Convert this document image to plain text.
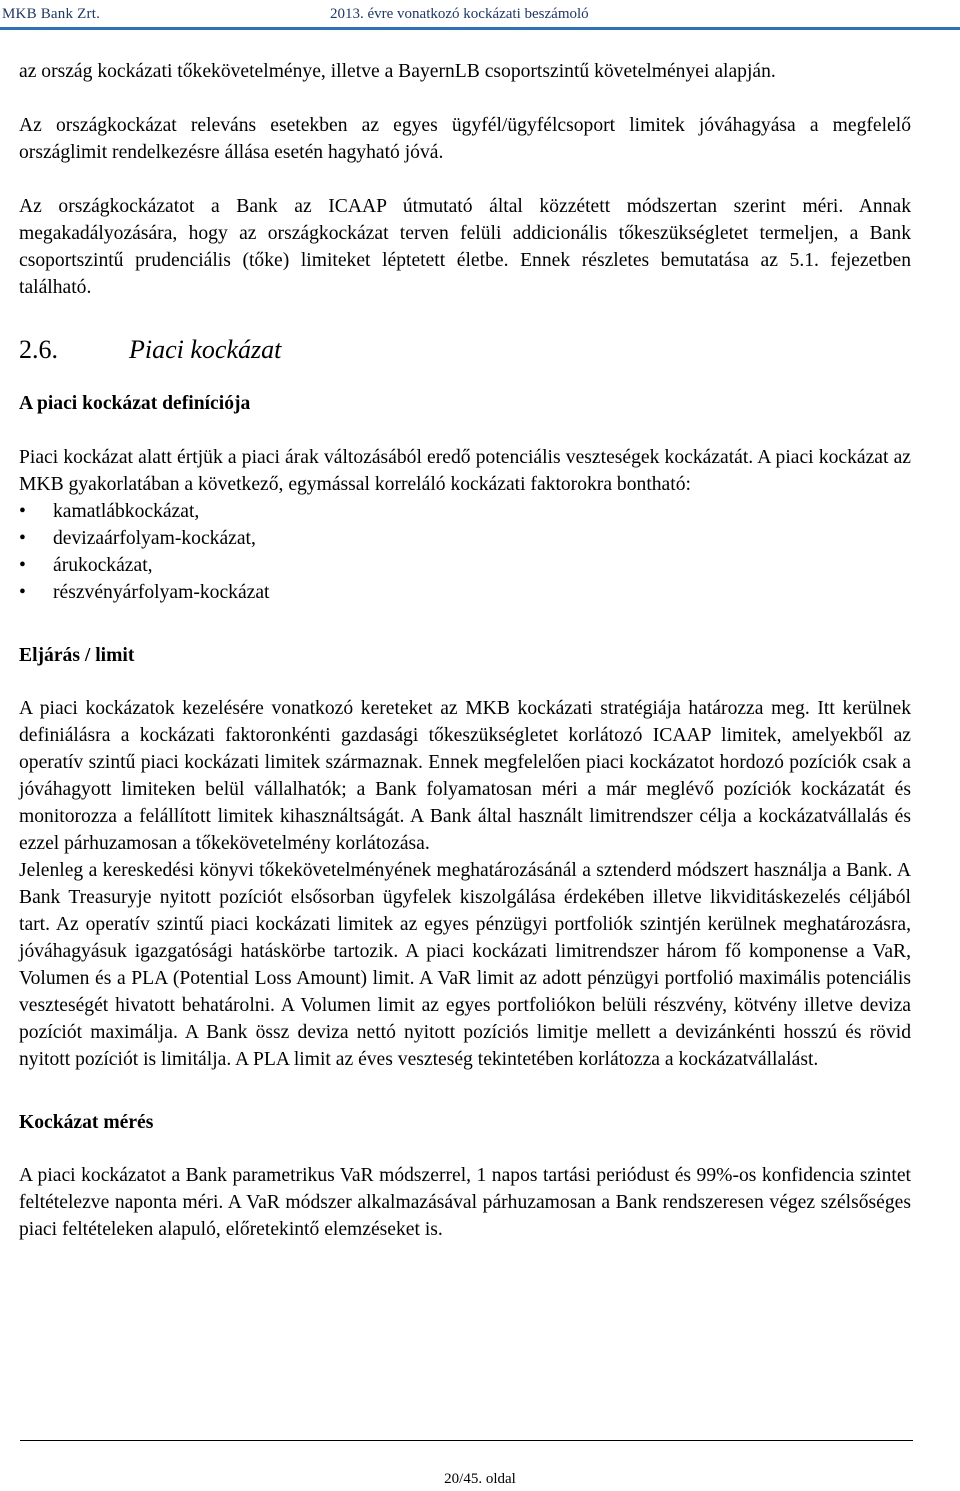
MKB Bank Zrt.	2013. évre vonatkozó kockázati beszámoló

az ország kockázati tőkekövetelménye, illetve a BayernLB csoportszintű követelményei alapján.

Az országkockázat releváns esetekben az egyes ügyfél/ügyfélcsoport limitek jóváhagyása a megfelelő országlimit rendelkezésre állása esetén hagyható jóvá.

Az országkockázatot a Bank az ICAAP útmutató által közzétett módszertan szerint méri. Annak megakadályozására, hogy az országkockázat terven felüli addicionális tőkeszükségletet termeljen, a Bank csoportszintű prudenciális (tőke) limiteket léptetett életbe. Ennek részletes bemutatása az 5.1. fejezetben található.

2.6.	Piaci kockázat
A piaci kockázat definíciója

Piaci kockázat alatt értjük a piaci árak változásából eredő potenciális veszteségek kockázatát. A piaci kockázat az MKB gyakorlatában a következő, egymással korreláló kockázati faktorokra bontható:

• kamatlábkockázat,
• devizaárfolyam-kockázat,
• árukockázat,
• részvényárfolyam-kockázat
Eljárás / limit

A piaci kockázatok kezelésére vonatkozó kereteket az MKB kockázati stratégiája határozza meg. Itt kerülnek definiálásra a kockázati faktoronkénti gazdasági tőkeszükségletet korlátozó ICAAP limitek, amelyekből az operatív szintű piaci kockázati limitek származnak. Ennek megfelelően piaci kockázatot hordozó pozíciók csak a jóváhagyott limiteken belül vállalhatók; a Bank folyamatosan méri a már meglévő pozíciók kockázatát és monitorozza a felállított limitek kihasználtságát. A Bank által használt limitrendszer célja a kockázatvállalás és ezzel párhuzamosan a tőkekövetelmény korlátozása.

Jelenleg a kereskedési könyvi tőkekövetelményének meghatározásánál a sztenderd módszert használja a Bank. A Bank Treasuryje nyitott pozíciót elsősorban ügyfelek kiszolgálása érdekében illetve likviditáskezelés céljából tart. Az operatív szintű piaci kockázati limitek az egyes pénzügyi portfoliók szintjén kerülnek meghatározásra, jóváhagyásuk igazgatósági hatáskörbe tartozik. A piaci kockázati limitrendszer három fő komponense a VaR, Volumen és a PLA (Potential Loss Amount) limit. A VaR limit az adott pénzügyi portfolió maximális potenciális veszteségét hivatott behatárolni. A Volumen limit az egyes portfoliókon belüli részvény, kötvény illetve deviza pozíciót maximálja. A Bank össz deviza nettó nyitott pozíciós limitje mellett a devizánkénti hosszú és rövid nyitott pozíciót is limitálja. A PLA limit az éves veszteség tekintetében korlátozza a kockázatvállalást.

Kockázat mérés

A piaci kockázatot a Bank parametrikus VaR módszerrel, 1 napos tartási periódust és 99%-os konfidencia szintet feltételezve naponta méri. A VaR módszer alkalmazásával párhuzamosan a Bank rendszeresen végez szélsőséges piaci feltételeken alapuló, előretekintő elemzéseket is.

20/45. oldal
